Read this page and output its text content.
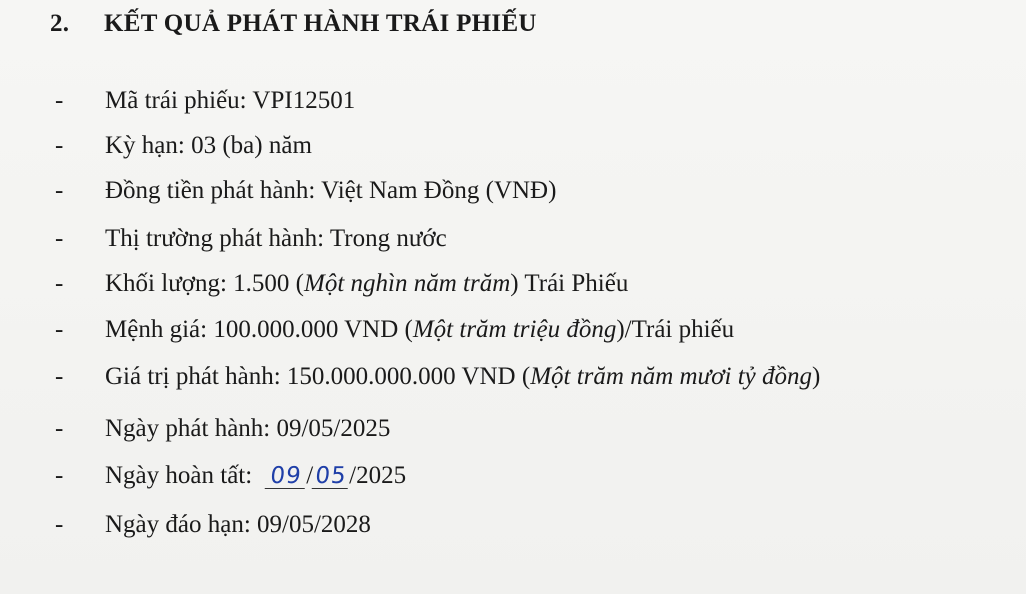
2. KẾT QUẢ PHÁT HÀNH TRÁI PHIẾU
- Mã trái phiếu: VPI12501
- Kỳ hạn: 03 (ba) năm
- Đồng tiền phát hành: Việt Nam Đồng (VNĐ)
- Thị trường phát hành: Trong nước
- Khối lượng: 1.500 (Một nghìn năm trăm) Trái Phiếu
- Mệnh giá: 100.000.000 VND (Một trăm triệu đồng)/Trái phiếu
- Giá trị phát hành: 150.000.000.000 VND (Một trăm năm mươi tỷ đồng)
- Ngày phát hành: 09/05/2025
- Ngày hoàn tất: 09 /05/2025
- Ngày đáo hạn: 09/05/2028
